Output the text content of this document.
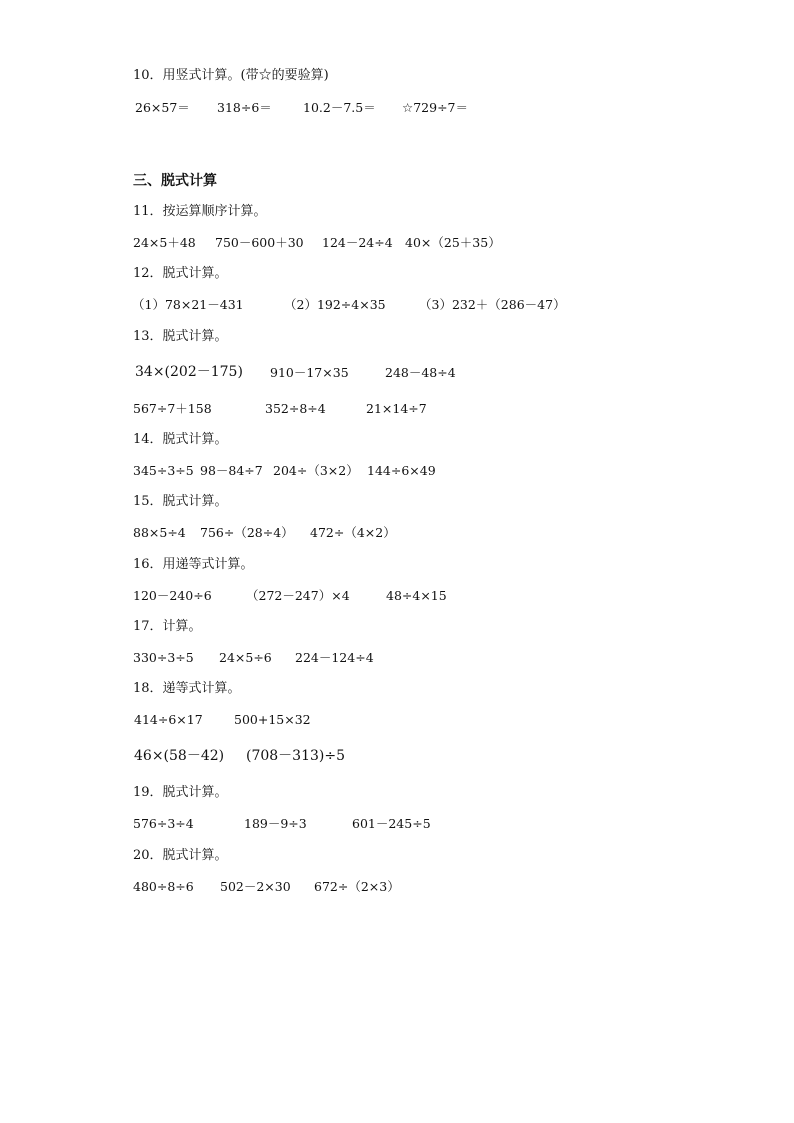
10．用竖式计算。(带☆的要验算)
26×57＝ 318÷6＝ 10.2－7.5＝ ☆729÷7＝
三、脱式计算
11．按运算顺序计算。
24×5＋48 750－600＋30 124－24÷4 40×（25＋35）
12．脱式计算。
（1）78×21－431	（2）192÷4×35	（3）232＋（286－47）
13．脱式计算。
34×(202－175) 910－17×35	248－48÷4
567÷7＋158	352÷8÷4	21×14÷7
14．脱式计算。
345÷3÷5 98－84÷7 204÷（3×2） 144÷6×49
15．脱式计算。
88×5÷4 756÷（28÷4） 472÷（4×2）
16．用递等式计算。
120－240÷6	（272－247）×4	48÷4×15
17．计算。
330÷3÷5 24×5÷6 224－124÷4
18．递等式计算。
414÷6×17	500+15×32
46×(58－42) (708－313)÷5
19．脱式计算。
576÷3÷4	189－9÷3	601－245÷5
20．脱式计算。
480÷8÷6 502－2×30 672÷（2×3）
